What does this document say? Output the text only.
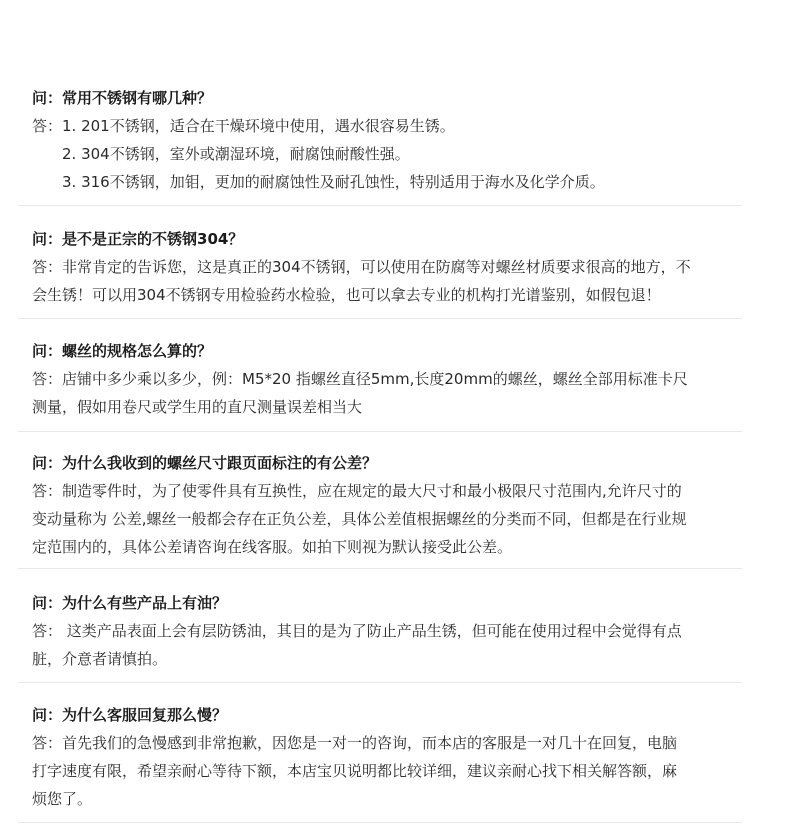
问：常用不锈钢有哪几种？
答：1. 201不锈钢，适合在干燥环境中使用，遇水很容易生锈。
2. 304不锈钢，室外或潮湿环境，耐腐蚀耐酸性强。
3. 316不锈钢，加钼，更加的耐腐蚀性及耐孔蚀性，特别适用于海水及化学介质。
问：是不是正宗的不锈钢304？
答：非常肯定的告诉您，这是真正的304不锈钢，可以使用在防腐等对螺丝材质要求很高的地方，不
会生锈！可以用304不锈钢专用检验药水检验，也可以拿去专业的机构打光谱鉴别，如假包退！
问：螺丝的规格怎么算的？
答：店铺中多少乘以多少，例：M5*20 指螺丝直径5mm,长度20mm的螺丝，螺丝全部用标准卡尺
测量，假如用卷尺或学生用的直尺测量误差相当大
问：为什么我收到的螺丝尺寸跟页面标注的有公差？
答：制造零件时，为了使零件具有互换性，应在规定的最大尺寸和最小极限尺寸范围内,允许尺寸的
变动量称为 公差,螺丝一般都会存在正负公差，具体公差值根据螺丝的分类而不同，但都是在行业规
定范围内的，具体公差请咨询在线客服。如拍下则视为默认接受此公差。
问：为什么有些产品上有油？
答： 这类产品表面上会有层防锈油，其目的是为了防止产品生锈，但可能在使用过程中会觉得有点
脏，介意者请慎拍。
问：为什么客服回复那么慢？
答：首先我们的急慢感到非常抱歉，因您是一对一的咨询，而本店的客服是一对几十在回复，电脑
打字速度有限，希望亲耐心等待下额，本店宝贝说明都比较详细，建议亲耐心找下相关解答额，麻
烦您了。
